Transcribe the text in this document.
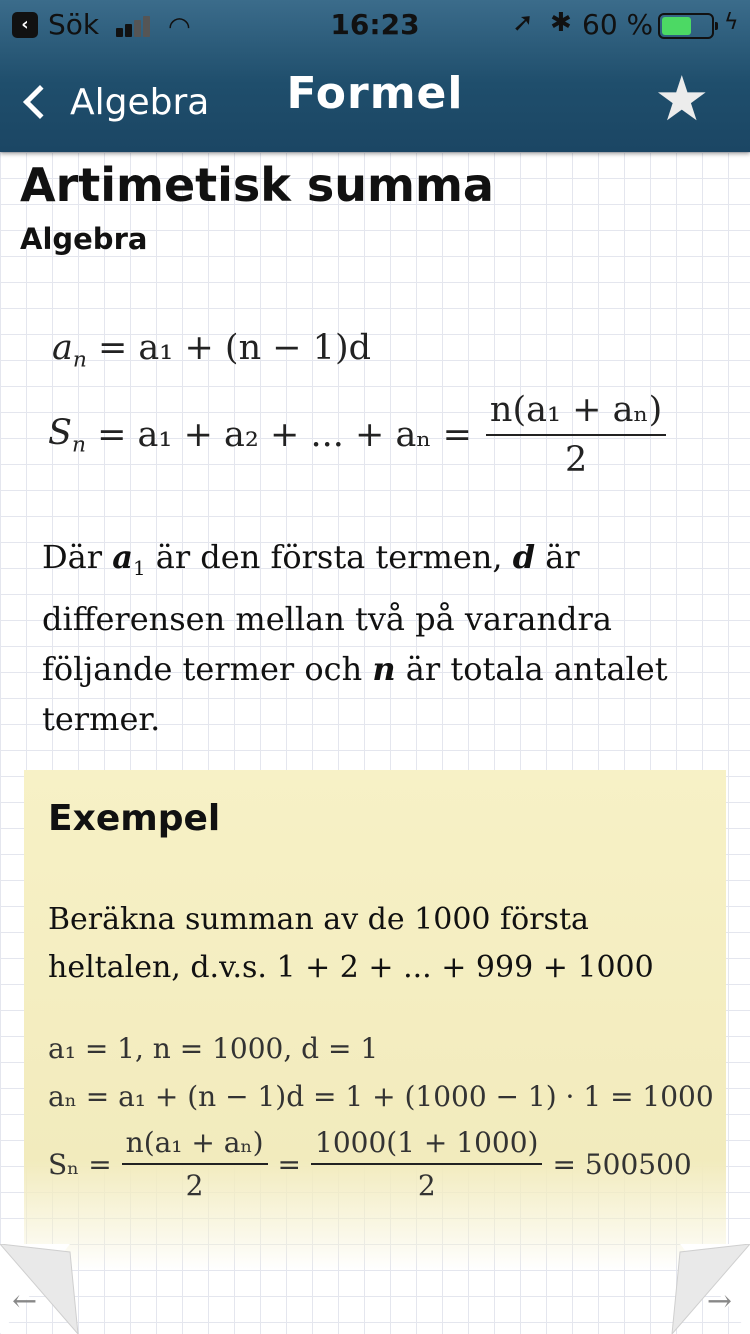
‹ Sök	◠	16:23	➚ ✱ 60 %	ϟ
Algebra	Formel	★
Artimetisk summa
Algebra
$a_n = a_1 + (n - 1)d$
$S_n = a_1 + a_2$ + ... + $a_n = \frac{\text{n(a₁ + aₙ)}}{2}$
Där $a_1$ är den första termen, d är differensen mellan två på varandra följande termer och n är totala antalet termer.
Exempel
Beräkna summan av de 1000 första heltalen, d.v.s. 1 + 2 + ... + 999 + 1000
a₁ = 1, n = 1000, d = 1
aₙ = a₁ + (n − 1)d = 1 + (1000 − 1) · 1 = 1000
$S_n = \frac{\text{n(a₁ + aₙ)}}{2} = \frac{1000(1 + 1000)}{2} = 500500$
←	→
